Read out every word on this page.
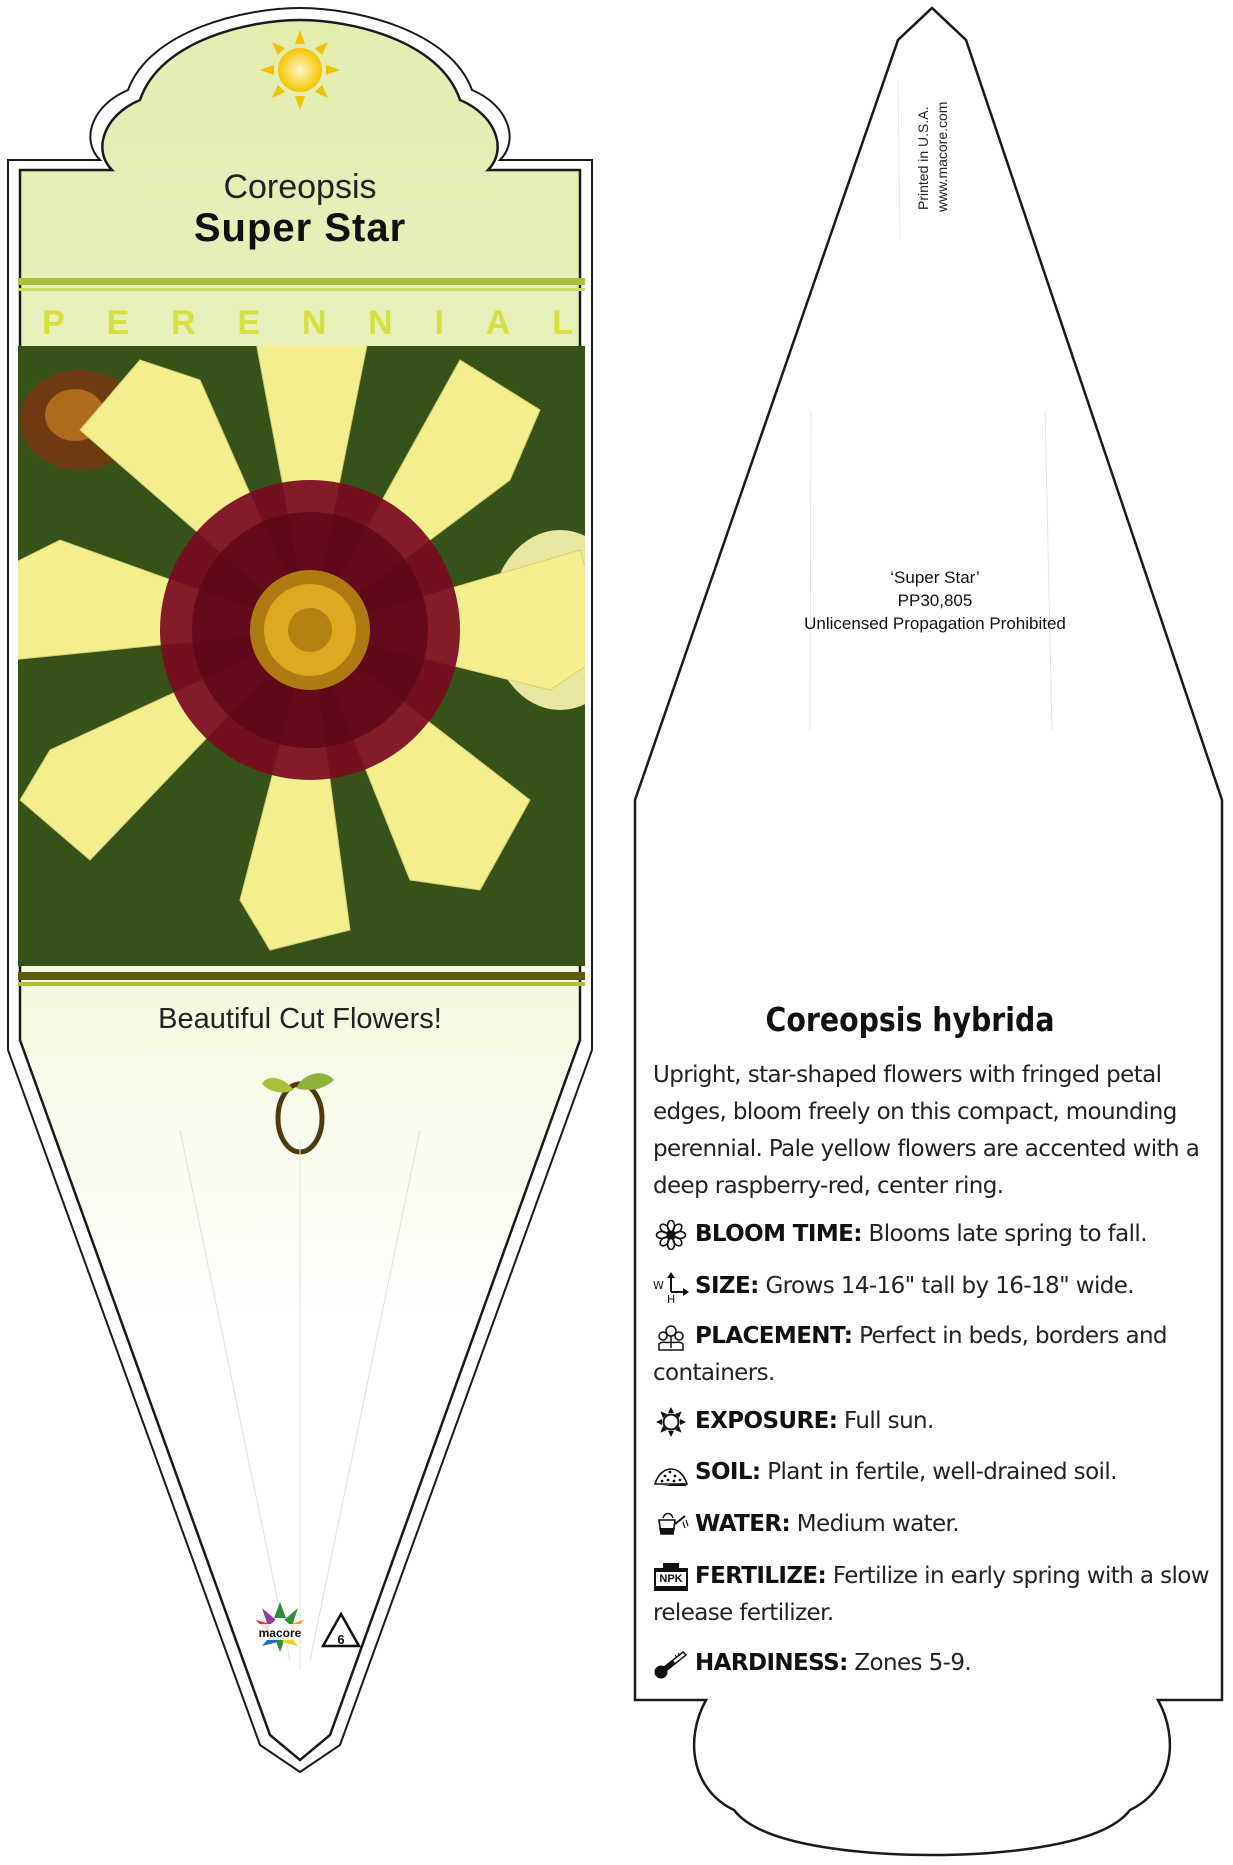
Coreopsis
Super Star
P E R E N N I A L
Beautiful Cut Flowers!
macore	6
Printed in U.S.A. www.macore.com
‘Super Star’
PP30,805
Unlicensed Propagation Prohibited
Coreopsis hybrida
Upright, star-shaped flowers with fringed petal edges, bloom freely on this compact, mounding perennial. Pale yellow flowers are accented with a deep raspberry-red, center ring.
BLOOM TIME: Blooms late spring to fall.
W
H SIZE: Grows 14-16" tall by 16-18" wide.
PLACEMENT: Perfect in beds, borders and containers.
EXPOSURE: Full sun.
SOIL: Plant in fertile, well-drained soil.
WATER: Medium water.
NPK FERTILIZE: Fertilize in early spring with a slow release fertilizer.
HARDINESS: Zones 5-9.
